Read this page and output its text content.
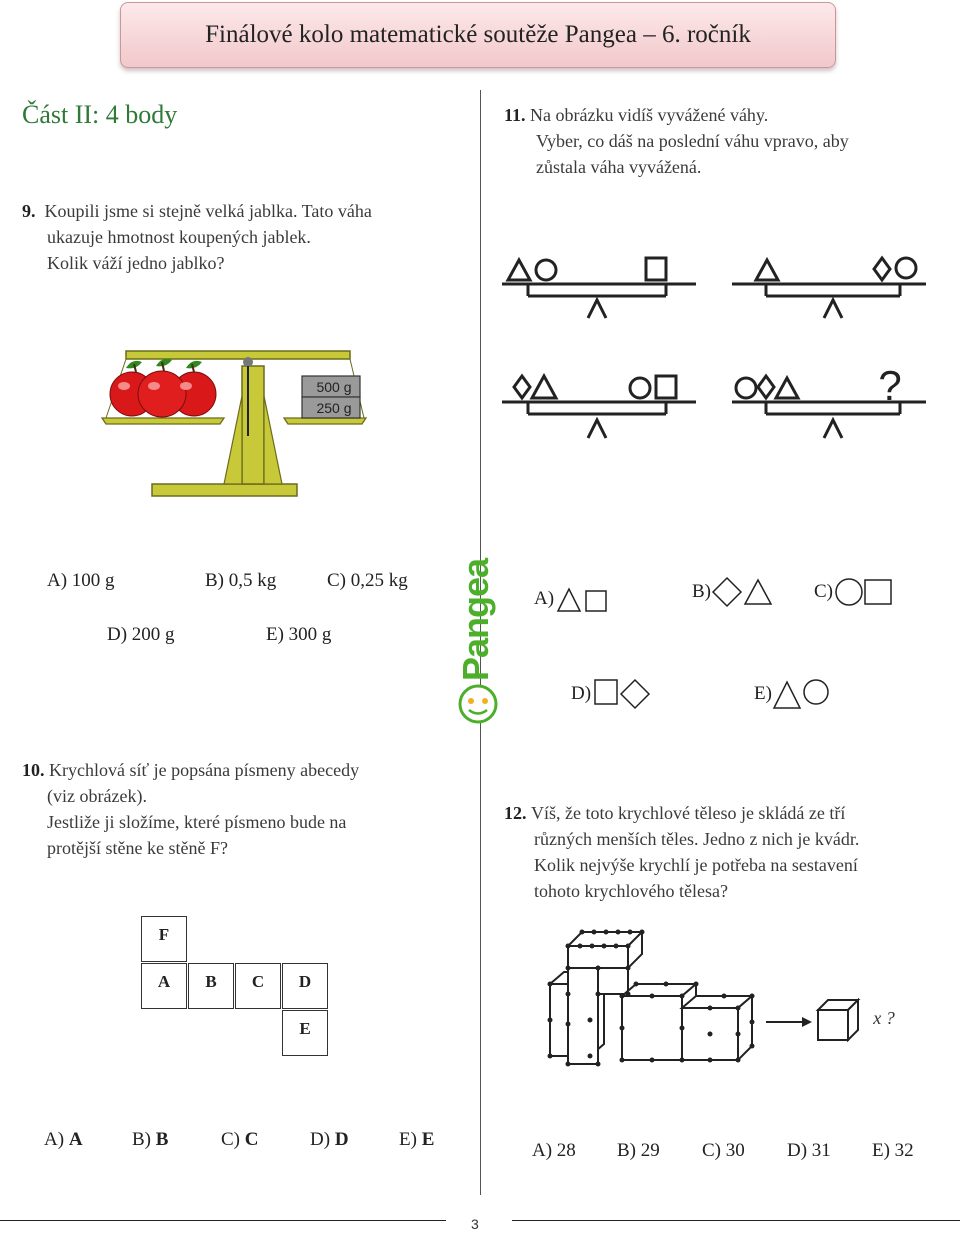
Finálové kolo matematické soutěže Pangea – 6. ročník
Část II: 4 body
9. Koupili jsme si stejně velká jablka. Tato váha
ukazuje hmotnost koupených jablek.
Kolik váží jedno jablko?
500 g
250 g
A) 100 g	B) 0,5 kg	C) 0,25 kg
D) 200 g	E) 300 g	Pangea
11. Na obrázku vidíš vyvážené váhy.
Vyber, co dáš na poslední váhu vpravo, aby
zůstala váha vyvážená.
?
A)	B)	C)
D)	E)
10. Krychlová síť je popsána písmeny abecedy
(viz obrázek).
Jestliže ji složíme, které písmeno bude na
protější stěne ke stěně F?
F
A	B	C	D
E
A) A	B) B	C) C	D) D	E) E
12. Víš, že toto krychlové těleso je skládá ze tří
různých menších těles. Jedno z nich je kvádr.
Kolik nejvýše krychlí je potřeba na sestavení
tohoto krychlového tělesa?
x ?
A) 28 B) 29 C) 30 D) 31 E) 32
3
